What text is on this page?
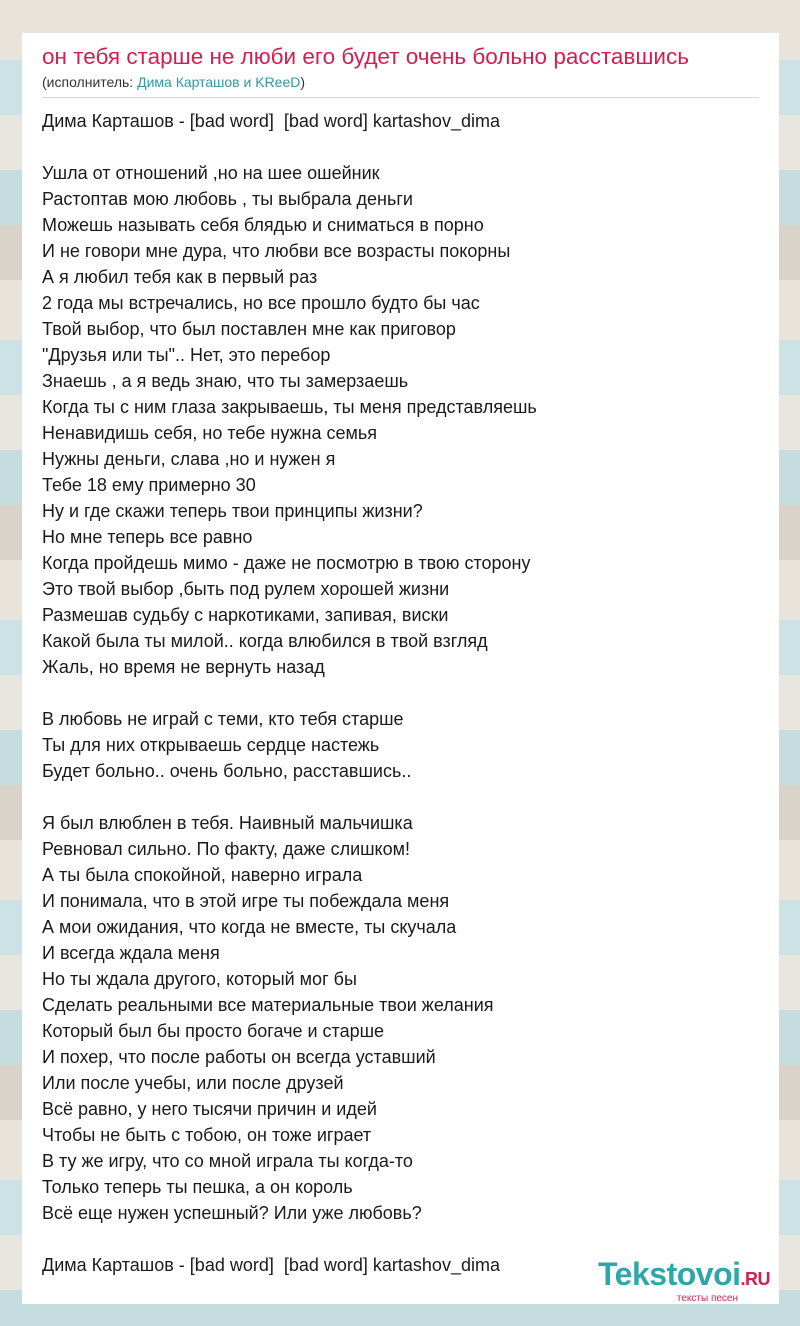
он тебя старше не люби его будет очень больно расставшись
(исполнитель: Дима Карташов и KReeD)
Дима Карташов - [bad word]  [bad word] kartashov_dima
Ушла от отношений ,но на шее ошейник
Растоптав мою любовь , ты выбрала деньги
Можешь называть себя блядью и сниматься в порно
И не говори мне дура, что любви все возрасты покорны
А я любил тебя как в первый раз
2 года мы встречались, но все прошло будто бы час
Твой выбор, что был поставлен мне как приговор
"Друзья или ты".. Нет, это перебор
Знаешь , а я ведь знаю, что ты замерзаешь
Когда ты с ним глаза закрываешь, ты меня представляешь
Ненавидишь себя, но тебе нужна семья
Нужны деньги, слава ,но и нужен я
Тебе 18 ему примерно 30
Ну и где скажи теперь твои принципы жизни?
Но мне теперь все равно
Когда пройдешь мимо - даже не посмотрю в твою сторону
Это твой выбор ,быть под рулем хорошей жизни
Размешав судьбу с наркотиками, запивая, виски
Какой была ты милой.. когда влюбился в твой взгляд
Жаль, но время не вернуть назад
В любовь не играй с теми, кто тебя старше
Ты для них открываешь сердце настежь
Будет больно.. очень больно, расставшись..
Я был влюблен в тебя. Наивный мальчишка
Ревновал сильно. По факту, даже слишком!
А ты была спокойной, наверно играла
И понимала, что в этой игре ты побеждала меня
А мои ожидания, что когда не вместе, ты скучала
И всегда ждала меня
Но ты ждала другого, который мог бы
Сделать реальными все материальные твои желания
Который был бы просто богаче и старше
И похер, что после работы он всегда уставший
Или после учебы, или после друзей
Всё равно, у него тысячи причин и идей
Чтобы не быть с тобою, он тоже играет
В ту же игру, что со мной играла ты когда-то
Только теперь ты пешка, а он король
Всё еще нужен успешный? Или уже любовь?
Дима Карташов - [bad word]  [bad word] kartashov_dima	Tekstovoi.RU
тексты песен
